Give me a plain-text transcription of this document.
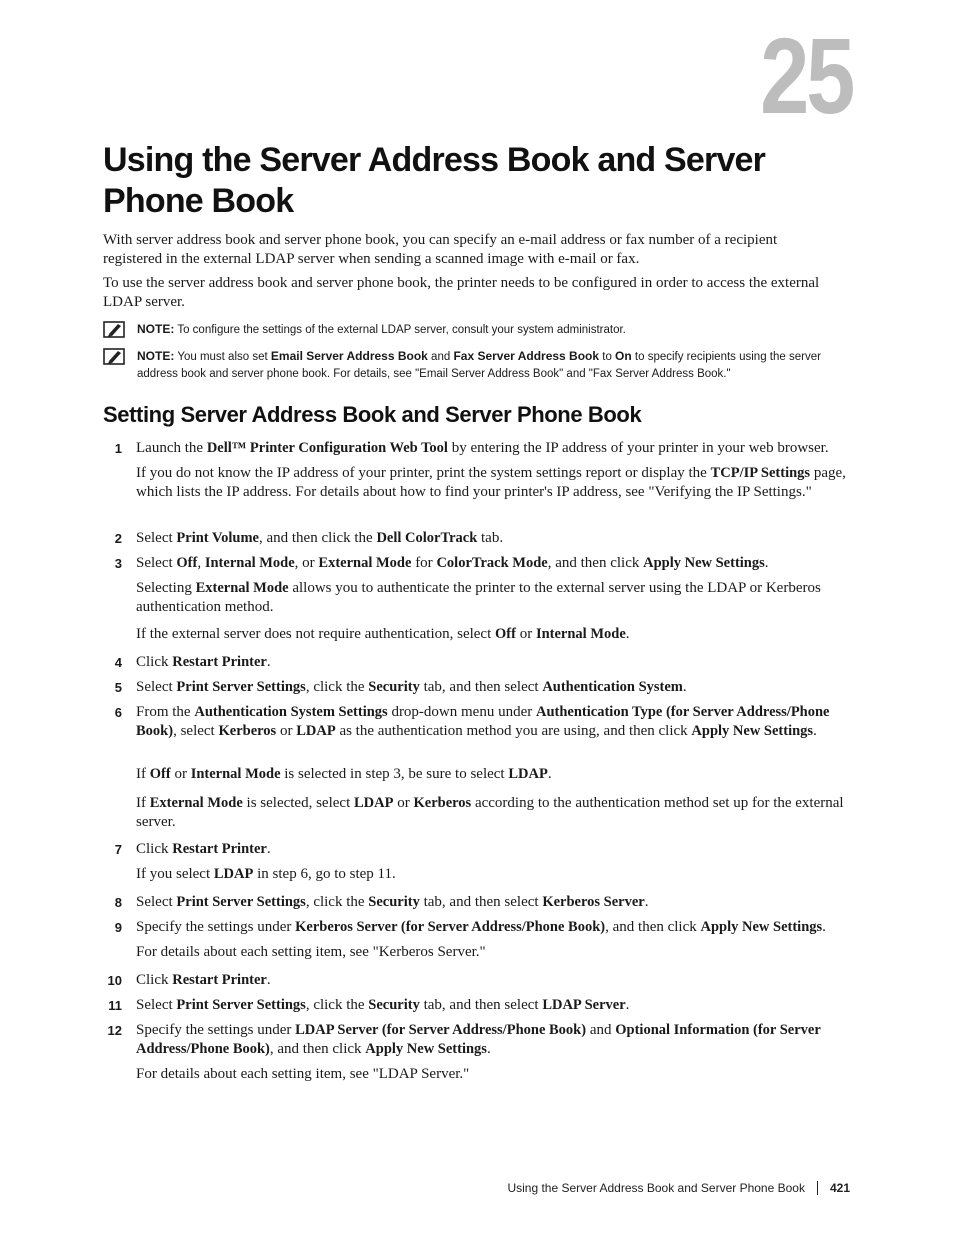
25
Using the Server Address Book and Server Phone Book

With server address book and server phone book, you can specify an e-mail address or fax number of a recipient registered in the external LDAP server when sending a scanned image with e-mail or fax.

To use the server address book and server phone book, the printer needs to be configured in order to access the external LDAP server.

NOTE: To configure the settings of the external LDAP server, consult your system administrator.
NOTE: You must also set Email Server Address Book and Fax Server Address Book to On to specify recipients using the server address book and server phone book. For details, see "Email Server Address Book" and "Fax Server Address Book."
Setting Server Address Book and Server Phone Book
1 Launch the Dell™ Printer Configuration Web Tool by entering the IP address of your printer in your web browser.
If you do not know the IP address of your printer, print the system settings report or display the TCP/IP Settings page, which lists the IP address. For details about how to find your printer's IP address, see "Verifying the IP Settings."
2 Select Print Volume, and then click the Dell ColorTrack tab.
3 Select Off, Internal Mode, or External Mode for ColorTrack Mode, and then click Apply New Settings.
Selecting External Mode allows you to authenticate the printer to the external server using the LDAP or Kerberos authentication method.
If the external server does not require authentication, select Off or Internal Mode.
4 Click Restart Printer.
5 Select Print Server Settings, click the Security tab, and then select Authentication System.
6 From the Authentication System Settings drop-down menu under Authentication Type (for Server Address/Phone Book), select Kerberos or LDAP as the authentication method you are using, and then click Apply New Settings.
If Off or Internal Mode is selected in step 3, be sure to select LDAP.
If External Mode is selected, select LDAP or Kerberos according to the authentication method set up for the external server.
7 Click Restart Printer.
If you select LDAP in step 6, go to step 11.
8 Select Print Server Settings, click the Security tab, and then select Kerberos Server.
9 Specify the settings under Kerberos Server (for Server Address/Phone Book), and then click Apply New Settings.
For details about each setting item, see "Kerberos Server."
10 Click Restart Printer.
11 Select Print Server Settings, click the Security tab, and then select LDAP Server.
12 Specify the settings under LDAP Server (for Server Address/Phone Book) and Optional Information (for Server Address/Phone Book), and then click Apply New Settings.
For details about each setting item, see "LDAP Server."
Using the Server Address Book and Server Phone Book 421
